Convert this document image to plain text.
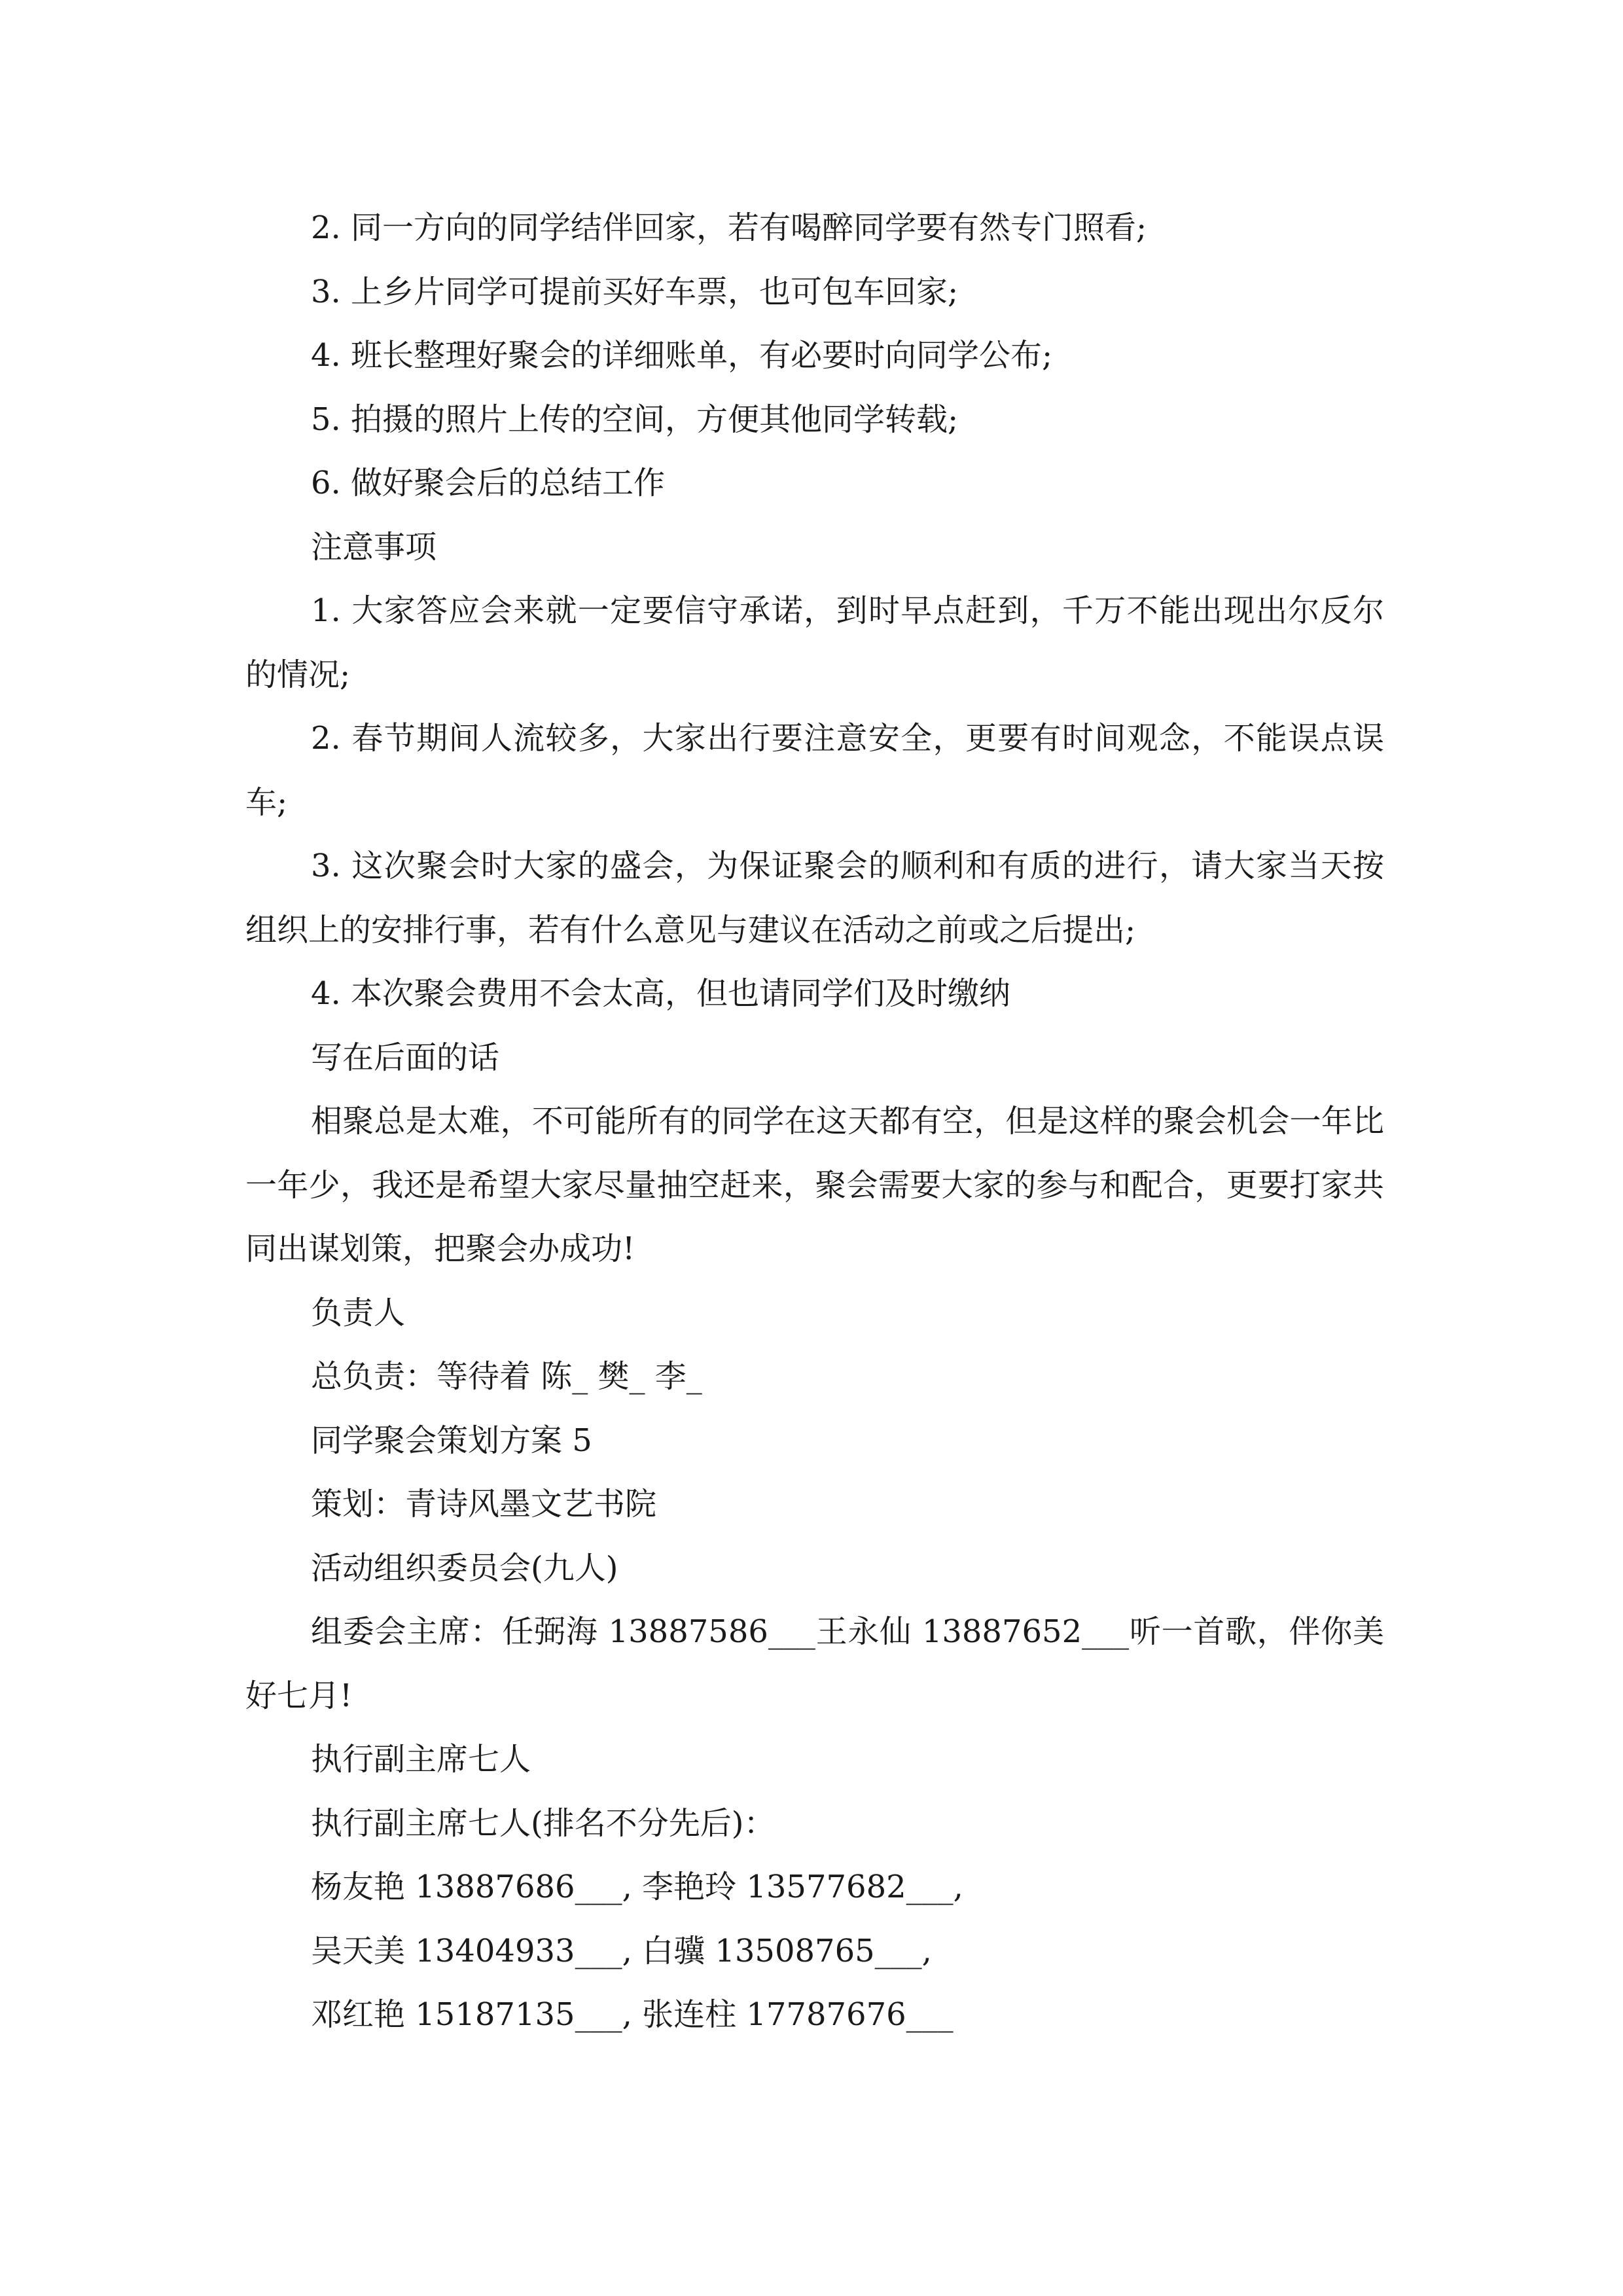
2. 同一方向的同学结伴回家，若有喝醉同学要有然专门照看;

3. 上乡片同学可提前买好车票，也可包车回家;

4. 班长整理好聚会的详细账单，有必要时向同学公布;

5. 拍摄的照片上传的空间，方便其他同学转载;

6. 做好聚会后的总结工作

注意事项

1. 大家答应会来就一定要信守承诺，到时早点赶到，千万不能出现出尔反尔的情况;

2. 春节期间人流较多，大家出行要注意安全，更要有时间观念，不能误点误车;

3. 这次聚会时大家的盛会，为保证聚会的顺利和有质的进行，请大家当天按组织上的安排行事，若有什么意见与建议在活动之前或之后提出;

4. 本次聚会费用不会太高，但也请同学们及时缴纳

写在后面的话

相聚总是太难，不可能所有的同学在这天都有空，但是这样的聚会机会一年比一年少，我还是希望大家尽量抽空赶来，聚会需要大家的参与和配合，更要打家共同出谋划策，把聚会办成功!

负责人

总负责：等待着 陈_ 樊_ 李_

同学聚会策划方案 5

策划：青诗风墨文艺书院

活动组织委员会(九人)

组委会主席：任弼海 13887586___王永仙 13887652___听一首歌，伴你美好七月!

执行副主席七人

执行副主席七人(排名不分先后)：

杨友艳 13887686___, 李艳玲 13577682___,

吴天美 13404933___, 白骥 13508765___,

邓红艳 15187135___, 张连柱 17787676___
